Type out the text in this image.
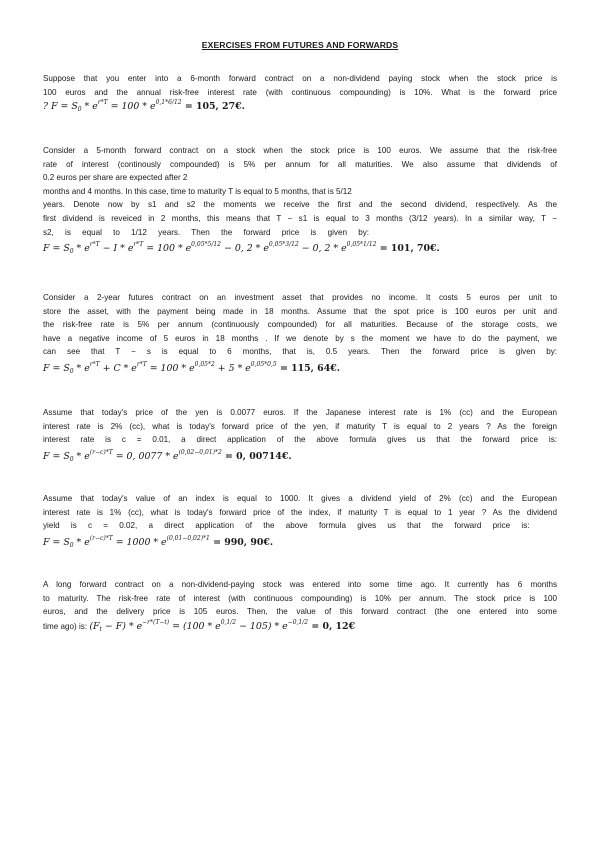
EXERCISES FROM FUTURES AND FORWARDS
Suppose that you enter into a 6-month forward contract on a non-dividend paying stock when the stock price is
100 euros and the annual risk-free interest rate (with continuous compounding) is 10%. What is the forward price
? $F = S_0 * e^{r*T} = 100 * e^{0,1*6/12} = 105$, 27€.
Consider a 5-month forward contract on a stock when the stock price is 100 euros. We assume that the risk-free
rate of interest (continously compounded) is 5% per annum for all maturities. We also assume that dividends of
0.2 euros per share are expected after 2
months and 4 months. In this case, time to maturity T is equal to 5 months, that is 5/12
years. Denote now by s1 and s2 the moments we receive the first and the second dividend, respectively. As the
first dividend is reveiced in 2 months, this means that T − s1 is equal to 3 months (3/12 years). In a similar way, T −
s2,     is     equal     to     1/12     years.     Then     the     forward     price     is     given     by:
$F = S_0 * e^{r*T} - I * e^{r*T} = 100 * e^{0,05*5/12} - 0$, $2 * e^{0,05*3/12} - 0$, $2 * e^{0,05*1/12} = 101$, 70€.
Consider a 2-year futures contract on an investment asset that provides no income. It costs 5 euros per unit to
store the asset, with the payment being made in 18 months. Assume that the spot price is 100 euros per unit and
the risk-free rate is 5% per annum (continuously compounded) for all maturities. Because of the storage costs, we
have a negative income of 5 euros in 18 months . If we denote by s the moment we have to do the payment, we
can see that T − s is equal to 6 months, that is, 0.5 years. Then the forward price is given by:
$F = S_0 * e^{r*T} + C * e^{r*T} = 100 * e^{0,05*2} + 5 * e^{0,05*0,5} = 115$, 64€.
Assume that today's price of the yen is 0.0077 euros. If the Japanese interest rate is 1% (cc) and the European
interest rate is 2% (cc), what is today's forward price of the yen, if maturity T is equal to 2 years ? As the foreign
interest rate is c = 0.01, a direct application of the above formula gives us that the forward price is:
$F = S_0 * e^{(r-c)*T} = 0$, $0077 * e^{(0,02-0,01)*2} = 0$, 00714€.
Assume that today's value of an index is equal to 1000. It gives a dividend yield of 2% (cc) and the European
interest rate is 1% (cc), what is today's forward price of the index, if maturity T is equal to 1 year ? As the dividend
yield     is     c     =     0.02,     a     direct     application     of     the     above     formula     gives     us     that     the     forward     price     is:
$F = S_0 * e^{(r-c)*T} = 1000 * e^{(0,01-0,02)*1} = 990$, 90€.
A long forward contract on a non-dividend-paying stock was entered into some time ago. It currently has 6 months
to maturity. The risk-free rate of interest (with continuous compounding) is 10% per annum. The stock price is 100
euros, and the delivery price is 105 euros. Then, the value of this forward contract (the one entered into some
time ago) is: $(F_t - F) * e^{-r*(T-t)} = (100 * e^{0,1/2} - 105) * e^{-0,1/2} = 0$, 12€
